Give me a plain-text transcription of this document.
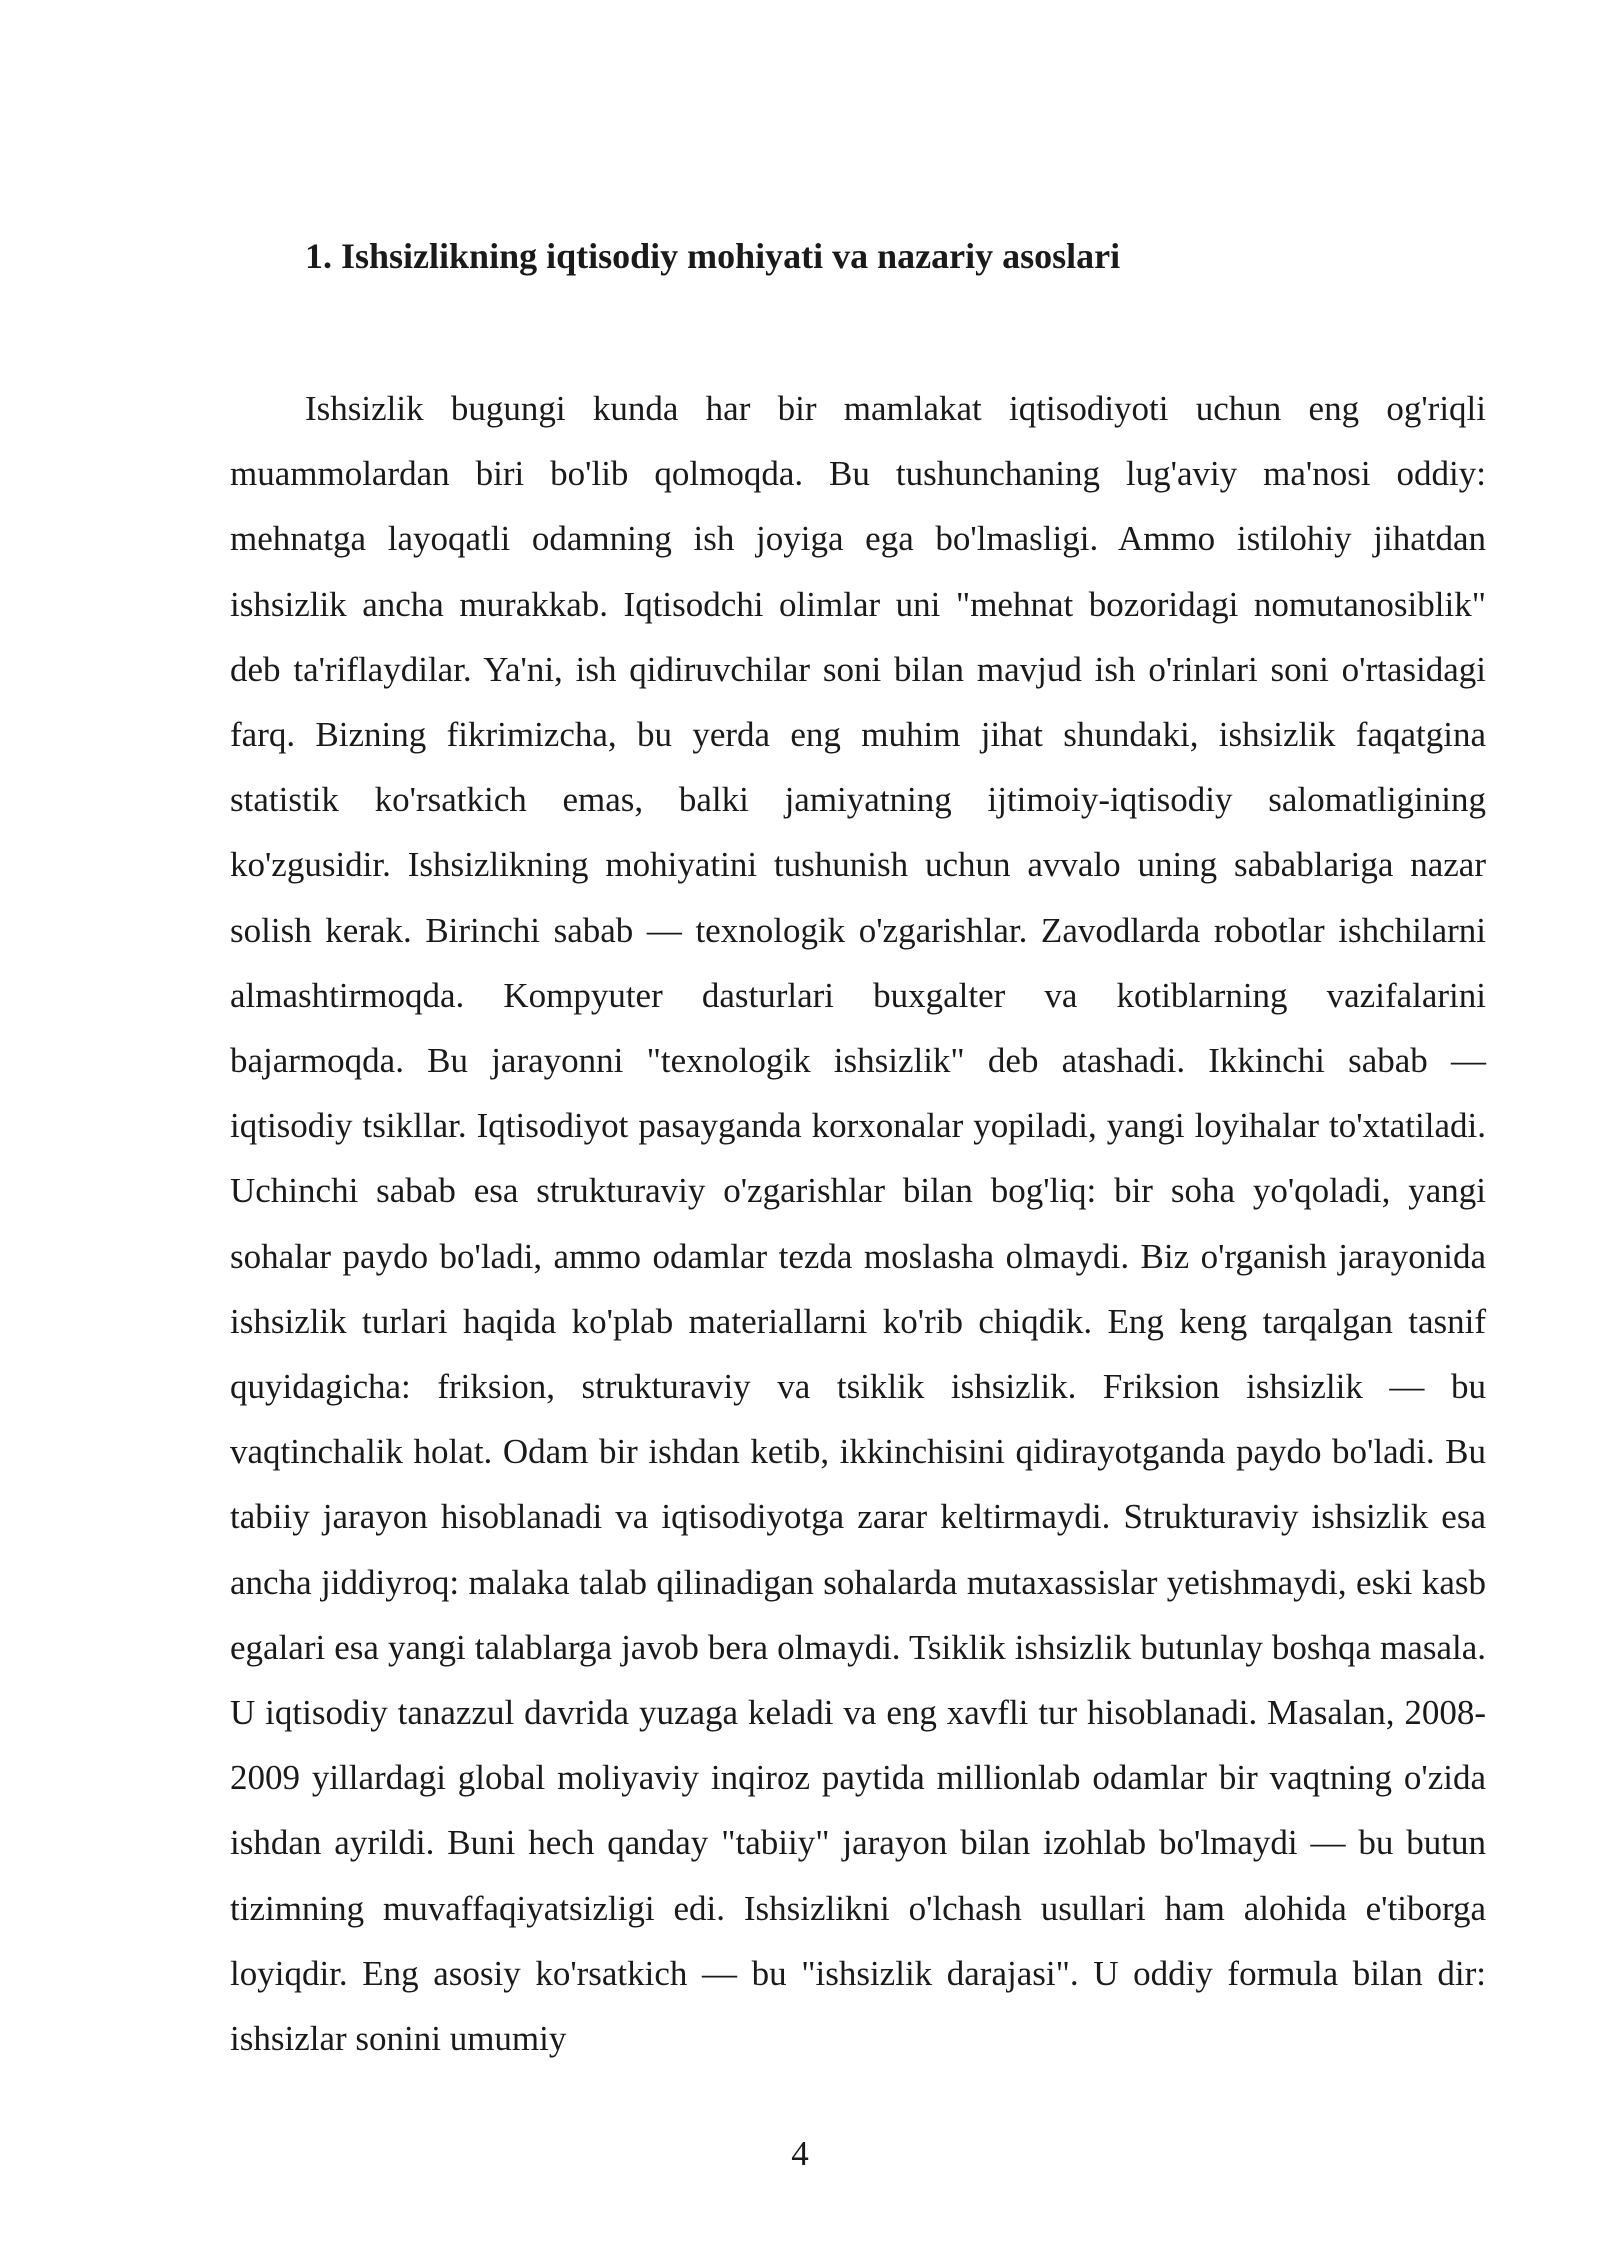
1. Ishsizlikning iqtisodiy mohiyati va nazariy asoslari

Ishsizlik bugungi kunda har bir mamlakat iqtisodiyoti uchun eng og'riqli muammolardan biri bo'lib qolmoqda. Bu tushunchaning lug'aviy ma'nosi oddiy: mehnatga layoqatli odamning ish joyiga ega bo'lmasligi. Ammo istilohiy jihatdan ishsizlik ancha murakkab. Iqtisodchi olimlar uni "mehnat bozoridagi nomutanosiblik" deb ta'riflaydilar. Ya'ni, ish qidiruvchilar soni bilan mavjud ish o'rinlari soni o'rtasidagi farq. Bizning fikrimizcha, bu yerda eng muhim jihat shundaki, ishsizlik faqatgina statistik ko'rsatkich emas, balki jamiyatning ijtimoiy-iqtisodiy salomatligining ko'zgusidir. Ishsizlikning mohiyatini tushunish uchun avvalo uning sabablariga nazar solish kerak. Birinchi sabab — texnologik o'zgarishlar. Zavodlarda robotlar ishchilarni almashtirmoqda. Kompyuter dasturlari buxgalter va kotiblarning vazifalarini bajarmoqda. Bu jarayonni "texnologik ishsizlik" deb atashadi. Ikkinchi sabab — iqtisodiy tsikllar. Iqtisodiyot pasayganda korxonalar yopiladi, yangi loyihalar to'xtatiladi. Uchinchi sabab esa strukturaviy o'zgarishlar bilan bog'liq: bir soha yo'qoladi, yangi sohalar paydo bo'ladi, ammo odamlar tezda moslasha olmaydi. Biz o'rganish jarayonida ishsizlik turlari haqida ko'plab materiallarni ko'rib chiqdik. Eng keng tarqalgan tasnif quyidagicha: friksion, strukturaviy va tsiklik ishsizlik. Friksion ishsizlik — bu vaqtinchalik holat. Odam bir ishdan ketib, ikkinchisini qidirayotganda paydo bo'ladi. Bu tabiiy jarayon hisoblanadi va iqtisodiyotga zarar keltirmaydi. Strukturaviy ishsizlik esa ancha jiddiyroq: malaka talab qilinadigan sohalarda mutaxassislar yetishmaydi, eski kasb egalari esa yangi talablarga javob bera olmaydi. Tsiklik ishsizlik butunlay boshqa masala. U iqtisodiy tanazzul davrida yuzaga keladi va eng xavfli tur hisoblanadi. Masalan, 2008-2009 yillardagi global moliyaviy inqiroz paytida millionlab odamlar bir vaqtning o'zida ishdan ayrildi. Buni hech qanday "tabiiy" jarayon bilan izohlab bo'lmaydi — bu butun tizimning muvaffaqiyatsizligi edi. Ishsizlikni o'lchash usullari ham alohida e'tiborga loyiqdir. Eng asosiy ko'rsatkich — bu "ishsizlik darajasi". U oddiy formula bilan dir: ishsizlar sonini umumiy

4
